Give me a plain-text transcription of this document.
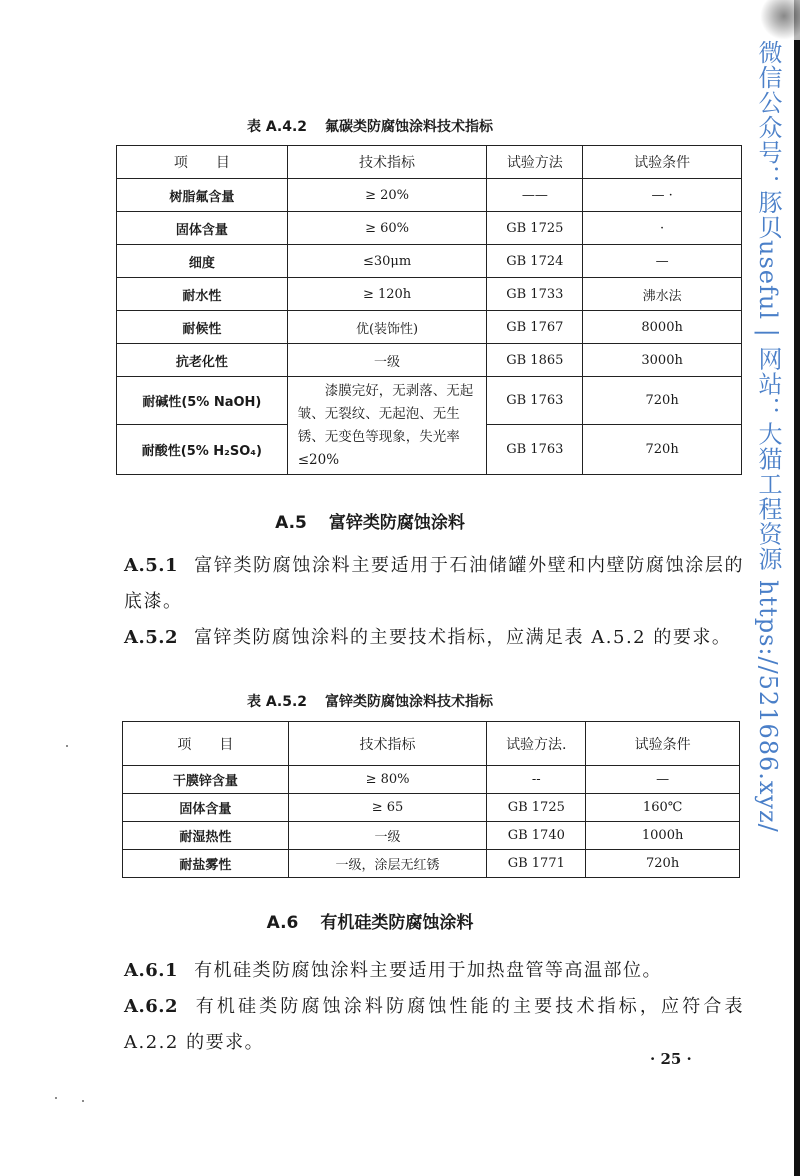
微信公众号：豚贝useful | 网站：大猫工程资源 https://521686.xyz/
表 A.4.2 氟碳类防腐蚀涂料技术指标
项　　目	技术指标	试验方法	试验条件
树脂氟含量	≥ 20%	——	— ·
固体含量	≥ 60%	GB 1725	·
细度	≤30μm	GB 1724	—
耐水性	≥ 120h	GB 1733	沸水法
耐候性	优(装饰性)	GB 1767	8000h
抗老化性	一级	GB 1865	3000h
耐碱性(5% NaOH)	漆膜完好，无剥落、无起皱、无裂纹、无起泡、无生锈、无变色等现象，失光率≤20%	GB 1763	720h
耐酸性(5% H₂SO₄)		GB 1763	720h
A.5 富锌类防腐蚀涂料
A.5.1 富锌类防腐蚀涂料主要适用于石油储罐外壁和内壁防腐蚀涂层的底漆。
A.5.2 富锌类防腐蚀涂料的主要技术指标，应满足表 A.5.2 的要求。
表 A.5.2 富锌类防腐蚀涂料技术指标
项　　目	技术指标	试验方法.	试验条件
干膜锌含量	≥ 80%	--	—
固体含量	≥ 65	GB 1725	160℃
耐湿热性	一级	GB 1740	1000h
耐盐雾性	一级，涂层无红锈	GB 1771	720h
A.6 有机硅类防腐蚀涂料
A.6.1 有机硅类防腐蚀涂料主要适用于加热盘管等高温部位。
A.6.2 有机硅类防腐蚀涂料防腐蚀性能的主要技术指标，应符合表 A.2.2 的要求。
· 25 ·
